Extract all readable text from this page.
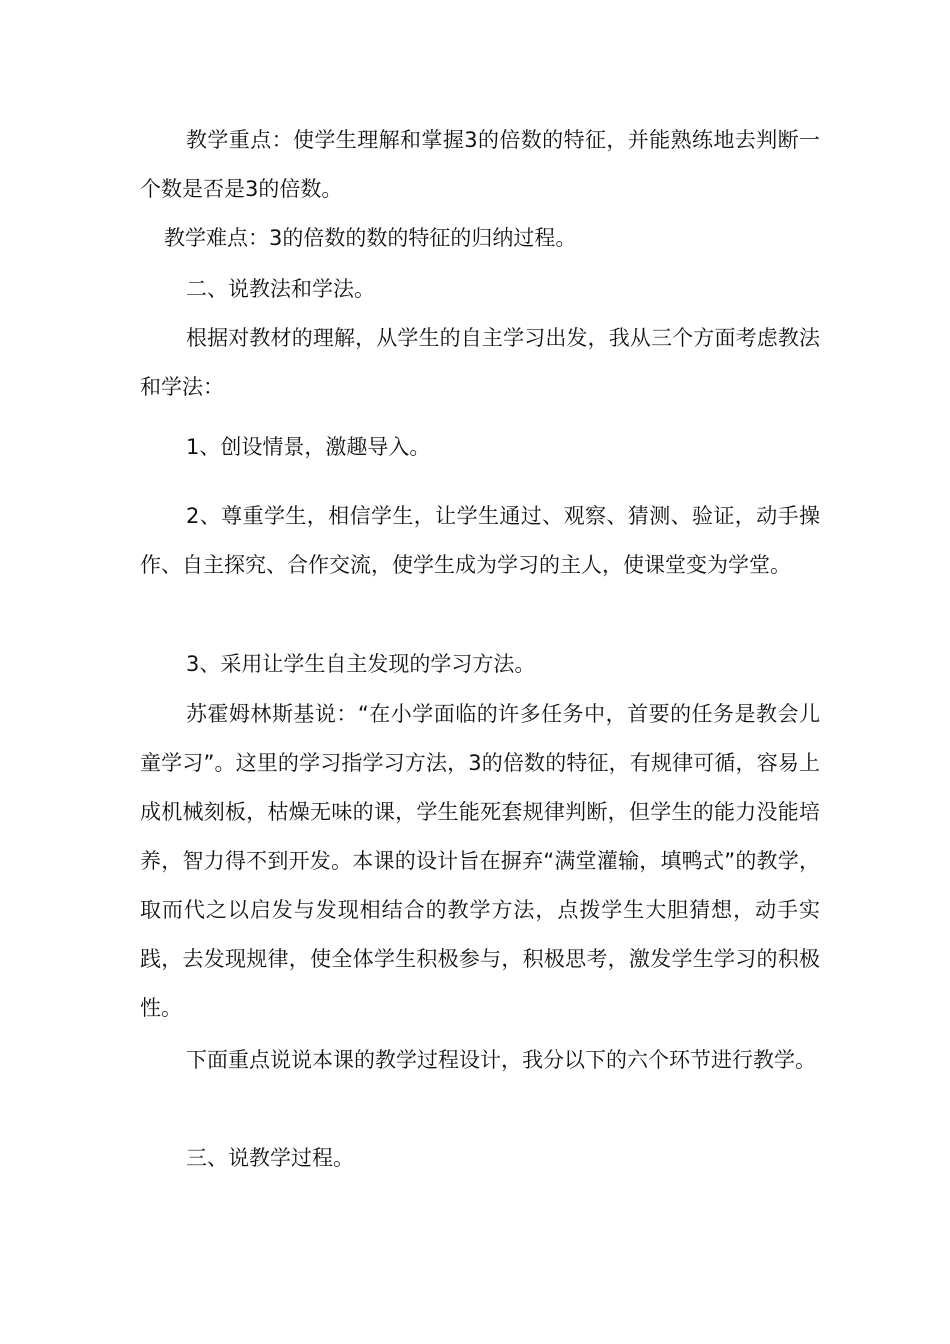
教学重点：使学生理解和掌握3的倍数的特征，并能熟练地去判断一个数是否是3的倍数。

教学难点：3的倍数的数的特征的归纳过程。

二、说教法和学法。

根据对教材的理解，从学生的自主学习出发，我从三个方面考虑教法和学法：

1、创设情景，激趣导入。

2、尊重学生，相信学生，让学生通过、观察、猜测、验证，动手操作、自主探究、合作交流，使学生成为学习的主人，使课堂变为学堂。

3、采用让学生自主发现的学习方法。

苏霍姆林斯基说：“在小学面临的许多任务中，首要的任务是教会儿童学习”。这里的学习指学习方法，3的倍数的特征，有规律可循，容易上成机械刻板，枯燥无味的课，学生能死套规律判断，但学生的能力没能培养，智力得不到开发。本课的设计旨在摒弃“满堂灌输，填鸭式”的教学，取而代之以启发与发现相结合的教学方法，点拨学生大胆猜想，动手实践，去发现规律，使全体学生积极参与，积极思考，激发学生学习的积极性。

下面重点说说本课的教学过程设计，我分以下的六个环节进行教学。

三、说教学过程。
